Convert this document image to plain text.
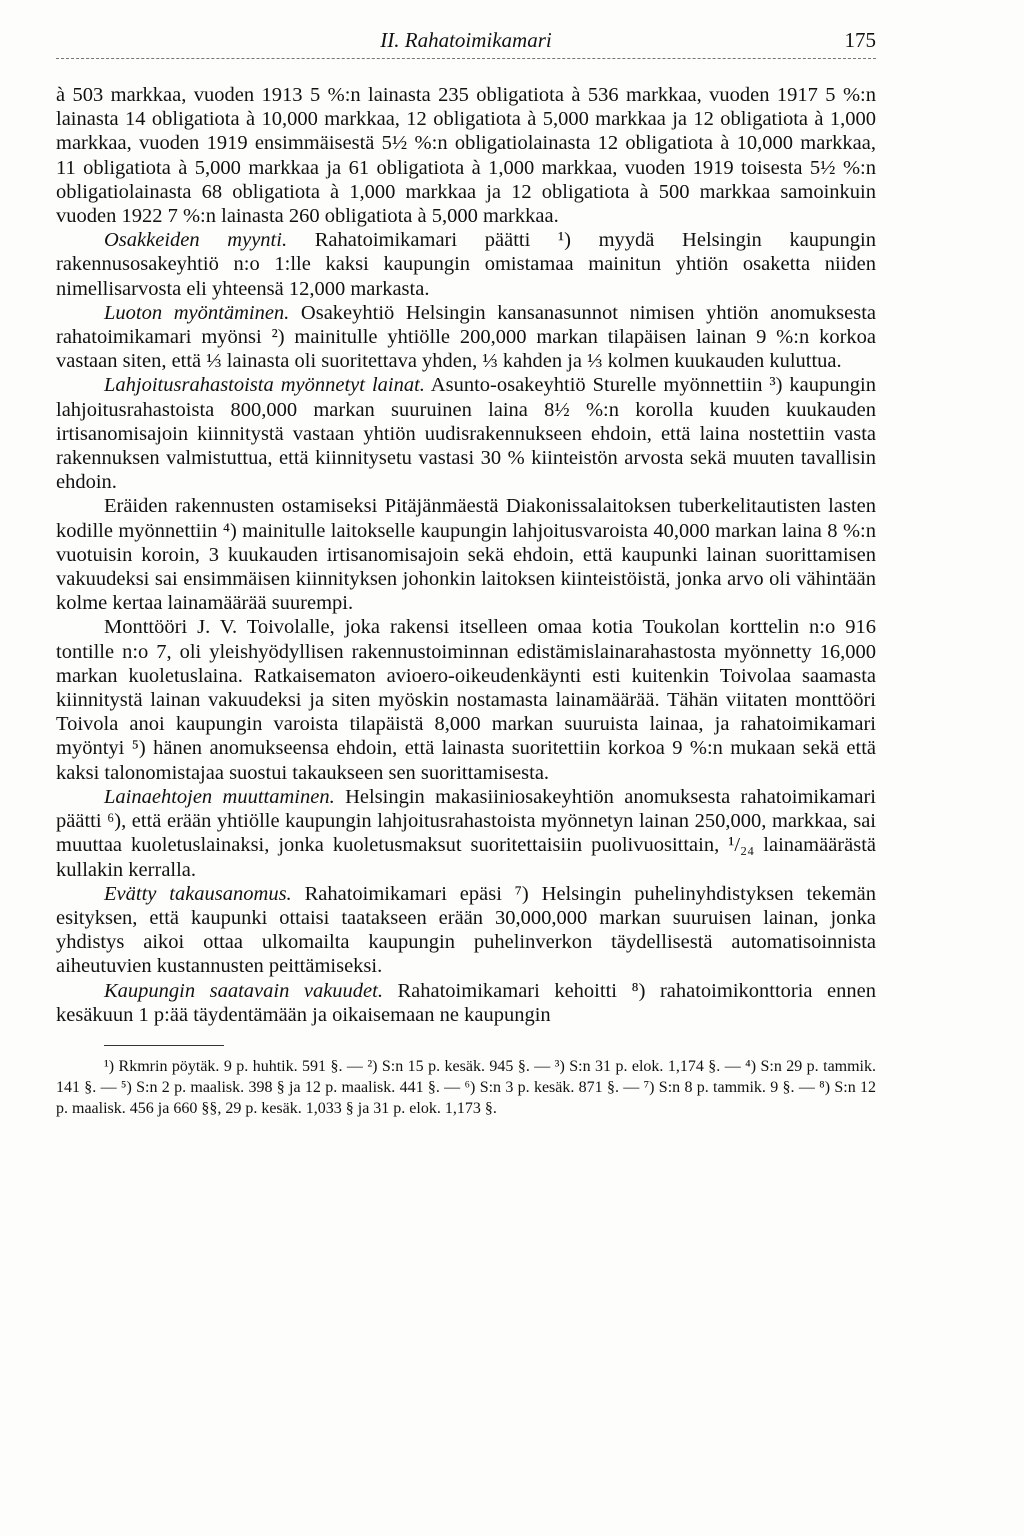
II. Rahatoimikamari	175

à 503 markkaa, vuoden 1913 5 %:n lainasta 235 obligatiota à 536 markkaa, vuoden 1917 5 %:n lainasta 14 obligatiota à 10,000 markkaa, 12 obligatiota à 5,000 markkaa ja 12 obligatiota à 1,000 markkaa, vuoden 1919 ensimmäisestä 5½ %:n obligatiolainasta 12 obligatiota à 10,000 markkaa, 11 obligatiota à 5,000 markkaa ja 61 obligatiota à 1,000 markkaa, vuoden 1919 toisesta 5½ %:n obligatiolainasta 68 obligatiota à 1,000 markkaa ja 12 obligatiota à 500 markkaa samoinkuin vuoden 1922 7 %:n lainasta 260 obligatiota à 5,000 markkaa.

Osakkeiden myynti. Rahatoimikamari päätti ¹) myydä Helsingin kaupungin rakennusosakeyhtiö n:o 1:lle kaksi kaupungin omistamaa mainitun yhtiön osaketta niiden nimellisarvosta eli yhteensä 12,000 markasta.

Luoton myöntäminen. Osakeyhtiö Helsingin kansanasunnot nimisen yhtiön anomuksesta rahatoimikamari myönsi ²) mainitulle yhtiölle 200,000 markan tilapäisen lainan 9 %:n korkoa vastaan siten, että ⅓ lainasta oli suoritettava yhden, ⅓ kahden ja ⅓ kolmen kuukauden kuluttua.

Lahjoitusrahastoista myönnetyt lainat. Asunto-osakeyhtiö Sturelle myönnettiin ³) kaupungin lahjoitusrahastoista 800,000 markan suuruinen laina 8½ %:n korolla kuuden kuukauden irtisanomisajoin kiinnitystä vastaan yhtiön uudisrakennukseen ehdoin, että laina nostettiin vasta rakennuksen valmistuttua, että kiinnitysetu vastasi 30 % kiinteistön arvosta sekä muuten tavallisin ehdoin.

Eräiden rakennusten ostamiseksi Pitäjänmäestä Diakonissalaitoksen tuberkelitautisten lasten kodille myönnettiin ⁴) mainitulle laitokselle kaupungin lahjoitusvaroista 40,000 markan laina 8 %:n vuotuisin koroin, 3 kuukauden irtisanomisajoin sekä ehdoin, että kaupunki lainan suorittamisen vakuudeksi sai ensimmäisen kiinnityksen johonkin laitoksen kiinteistöistä, jonka arvo oli vähintään kolme kertaa lainamäärää suurempi.

Monttööri J. V. Toivolalle, joka rakensi itselleen omaa kotia Toukolan korttelin n:o 916 tontille n:o 7, oli yleishyödyllisen rakennustoiminnan edistämislainarahastosta myönnetty 16,000 markan kuoletuslaina. Ratkaisematon avioero-oikeudenkäynti esti kuitenkin Toivolaa saamasta kiinnitystä lainan vakuudeksi ja siten myöskin nostamasta lainamäärää. Tähän viitaten monttööri Toivola anoi kaupungin varoista tilapäistä 8,000 markan suuruista lainaa, ja rahatoimikamari myöntyi ⁵) hänen anomukseensa ehdoin, että lainasta suoritettiin korkoa 9 %:n mukaan sekä että kaksi talonomistajaa suostui takaukseen sen suorittamisesta.

Lainaehtojen muuttaminen. Helsingin makasiiniosakeyhtiön anomuksesta rahatoimikamari päätti ⁶), että erään yhtiölle kaupungin lahjoitusrahastoista myönnetyn lainan 250,000, markkaa, sai muuttaa kuoletuslainaksi, jonka kuoletusmaksut suoritettaisiin puolivuosittain, ¹/₂₄ lainamäärästä kullakin kerralla.

Evätty takausanomus. Rahatoimikamari epäsi ⁷) Helsingin puhelinyhdistyksen tekemän esityksen, että kaupunki ottaisi taatakseen erään 30,000,000 markan suuruisen lainan, jonka yhdistys aikoi ottaa ulkomailta kaupungin puhelinverkon täydellisestä automatisoinnista aiheutuvien kustannusten peittämiseksi.

Kaupungin saatavain vakuudet. Rahatoimikamari kehoitti ⁸) rahatoimikonttoria ennen kesäkuun 1 p:ää täydentämään ja oikaisemaan ne kaupungin

¹) Rkmrin pöytäk. 9 p. huhtik. 591 §. — ²) S:n 15 p. kesäk. 945 §. — ³) S:n 31 p. elok. 1,174 §. — ⁴) S:n 29 p. tammik. 141 §. — ⁵) S:n 2 p. maalisk. 398 § ja 12 p. maalisk. 441 §. — ⁶) S:n 3 p. kesäk. 871 §. — ⁷) S:n 8 p. tammik. 9 §. — ⁸) S:n 12 p. maalisk. 456 ja 660 §§, 29 p. kesäk. 1,033 § ja 31 p. elok. 1,173 §.
